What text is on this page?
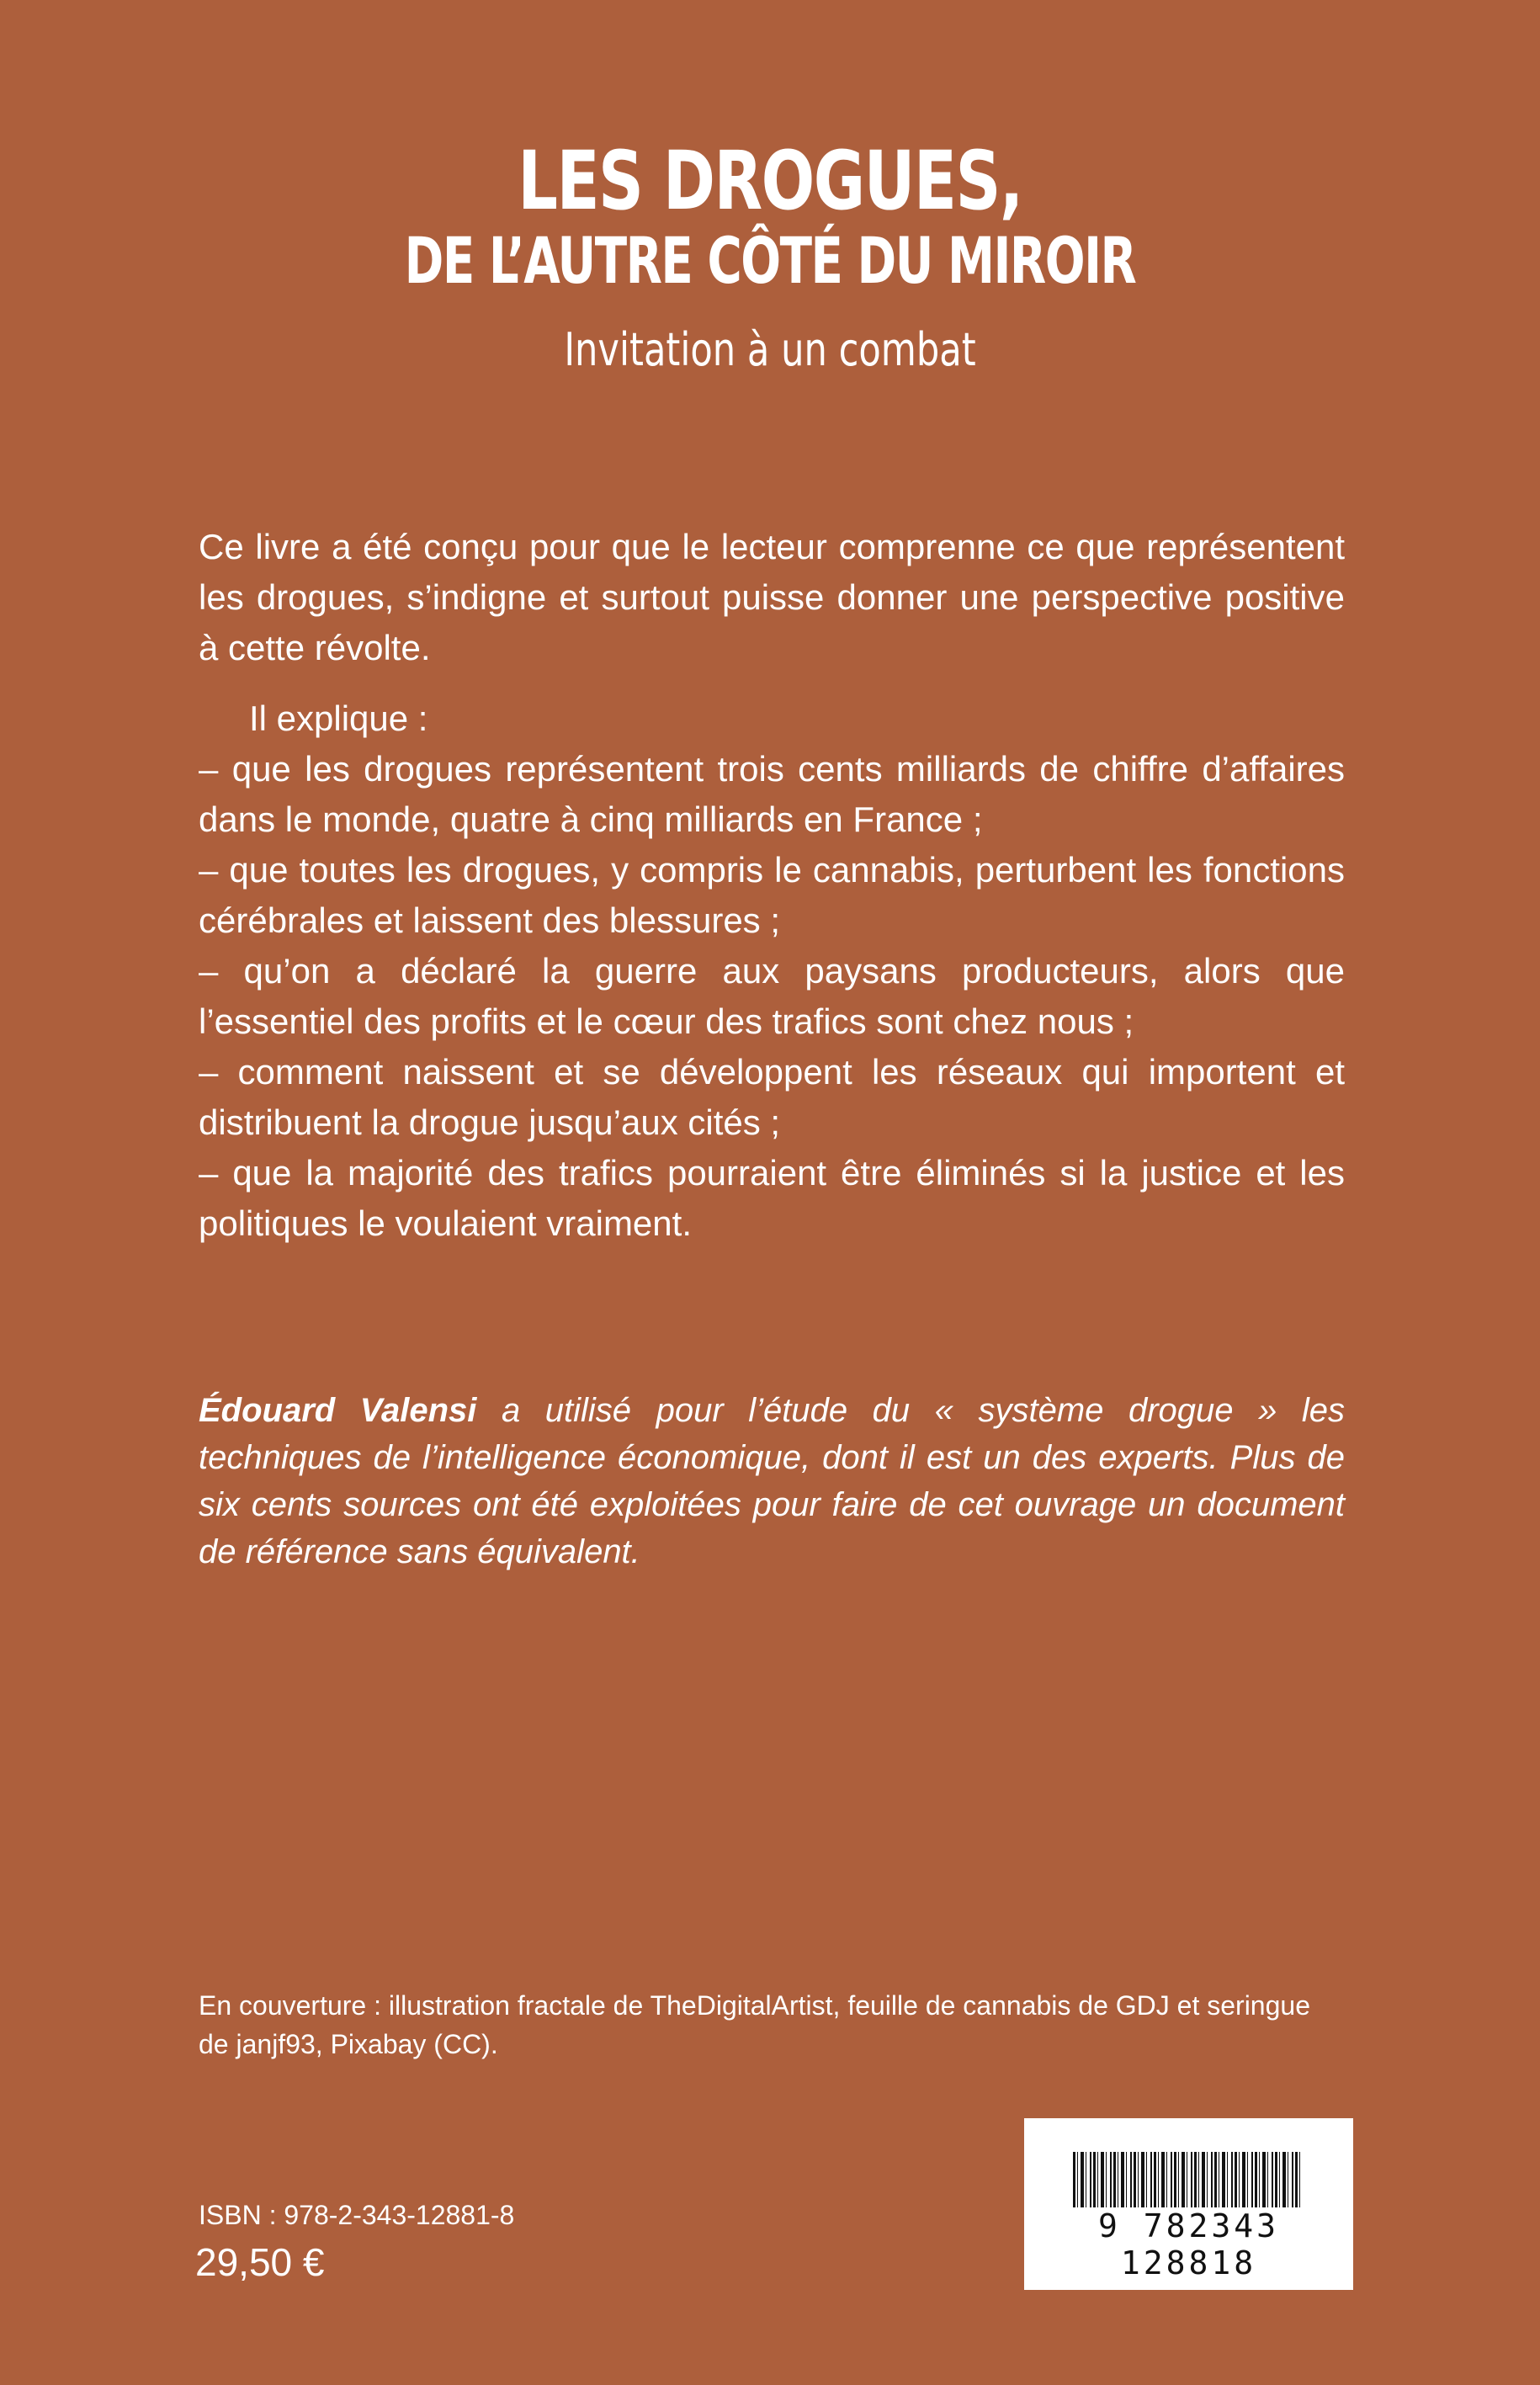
LES DROGUES,
DE L’AUTRE CÔTÉ DU MIROIR
Invitation à un combat

Ce livre a été conçu pour que le lecteur comprenne ce que représentent les drogues, s’indigne et surtout puisse donner une perspective positive à cette révolte.

Il explique :

– que les drogues représentent trois cents milliards de chiffre d’affaires dans le monde, quatre à cinq milliards en France ;

– que toutes les drogues, y compris le cannabis, perturbent les fonctions cérébrales et laissent des blessures ;

– qu’on a déclaré la guerre aux paysans producteurs, alors que l’essentiel des profits et le cœur des trafics sont chez nous ;

– comment naissent et se développent les réseaux qui importent et distribuent la drogue jusqu’aux cités ;

– que la majorité des trafics pourraient être éliminés si la justice et les politiques le voulaient vraiment.

Édouard Valensi a utilisé pour l’étude du « système drogue » les techniques de l’intelligence économique, dont il est un des experts. Plus de six cents sources ont été exploitées pour faire de cet ouvrage un document de référence sans équivalent.
En couverture : illustration fractale de TheDigitalArtist, feuille de cannabis de GDJ et seringue de janjf93, Pixabay (CC).
ISBN : 978-2-343-12881-8
29,50 €
9 782343 128818
